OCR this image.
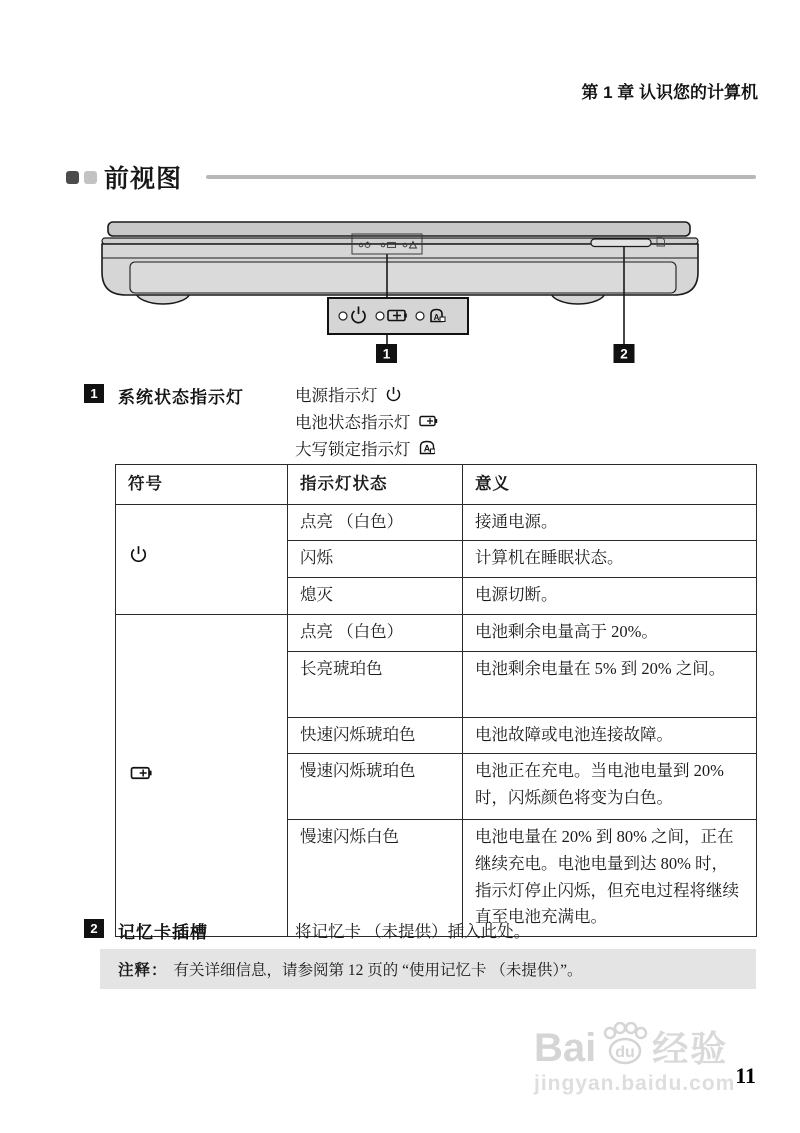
第 1 章 认识您的计算机
前视图
A
1	2
1	系统状态指示灯	电源指示灯
电池状态指示灯
大写锁定指示灯 A
符号	指示灯状态	意义
	点亮 （白色）	接通电源。
	闪烁	计算机在睡眠状态。
	熄灭	电源切断。
	点亮 （白色）	电池剩余电量高于 20%。
	长亮琥珀色	电池剩余电量在 5% 到 20% 之间。
	快速闪烁琥珀色	电池故障或电池连接故障。
	慢速闪烁琥珀色	电池正在充电。当电池电量到 20% 时，闪烁颜色将变为白色。
	慢速闪烁白色	电池电量在 20% 到 80% 之间，正在继续充电。电池电量到达 80% 时，指示灯停止闪烁，但充电过程将继续直至电池充满电。
2	记忆卡插槽	将记忆卡 （未提供）插入此处。
注释： 有关详细信息，请参阅第 12 页的 “使用记忆卡 （未提供）”。
Bai du 经验
jingyan.baidu.com 11
